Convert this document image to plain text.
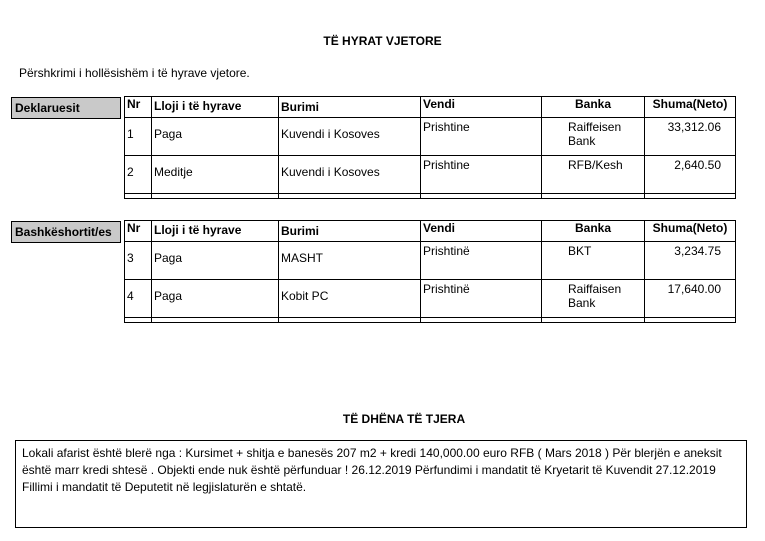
TË HYRAT VJETORE
Përshkrimi i hollësishëm i të hyrave vjetore.
Deklaruesit	Nr	Lloji i të hyrave	Burimi	Vendi	Banka	Shuma(Neto)
1	Paga	Kuvendi i Kosoves	Prishtine	Raiffeisen Bank	33,312.06
2	Meditje	Kuvendi i Kosoves	Prishtine	RFB/Kesh	2,640.50

Bashkëshortit/es	Nr	Lloji i të hyrave	Burimi	Vendi	Banka	Shuma(Neto)
3	Paga	MASHT	Prishtinë	BKT	3,234.75
4	Paga	Kobit PC	Prishtinë	Raiffaisen Bank	17,640.00

TË DHËNA TË TJERA
Lokali afarist është blerë nga : Kursimet + shitja e banesës 207 m2 + kredi 140,000.00 euro RFB ( Mars 2018 ) Për blerjën e aneksit është marr kredi shtesë . Objekti ende nuk është përfunduar ! 26.12.2019 Përfundimi i mandatit të Kryetarit të Kuvendit 27.12.2019 Fillimi i mandatit të Deputetit në legjislaturën e shtatë.
